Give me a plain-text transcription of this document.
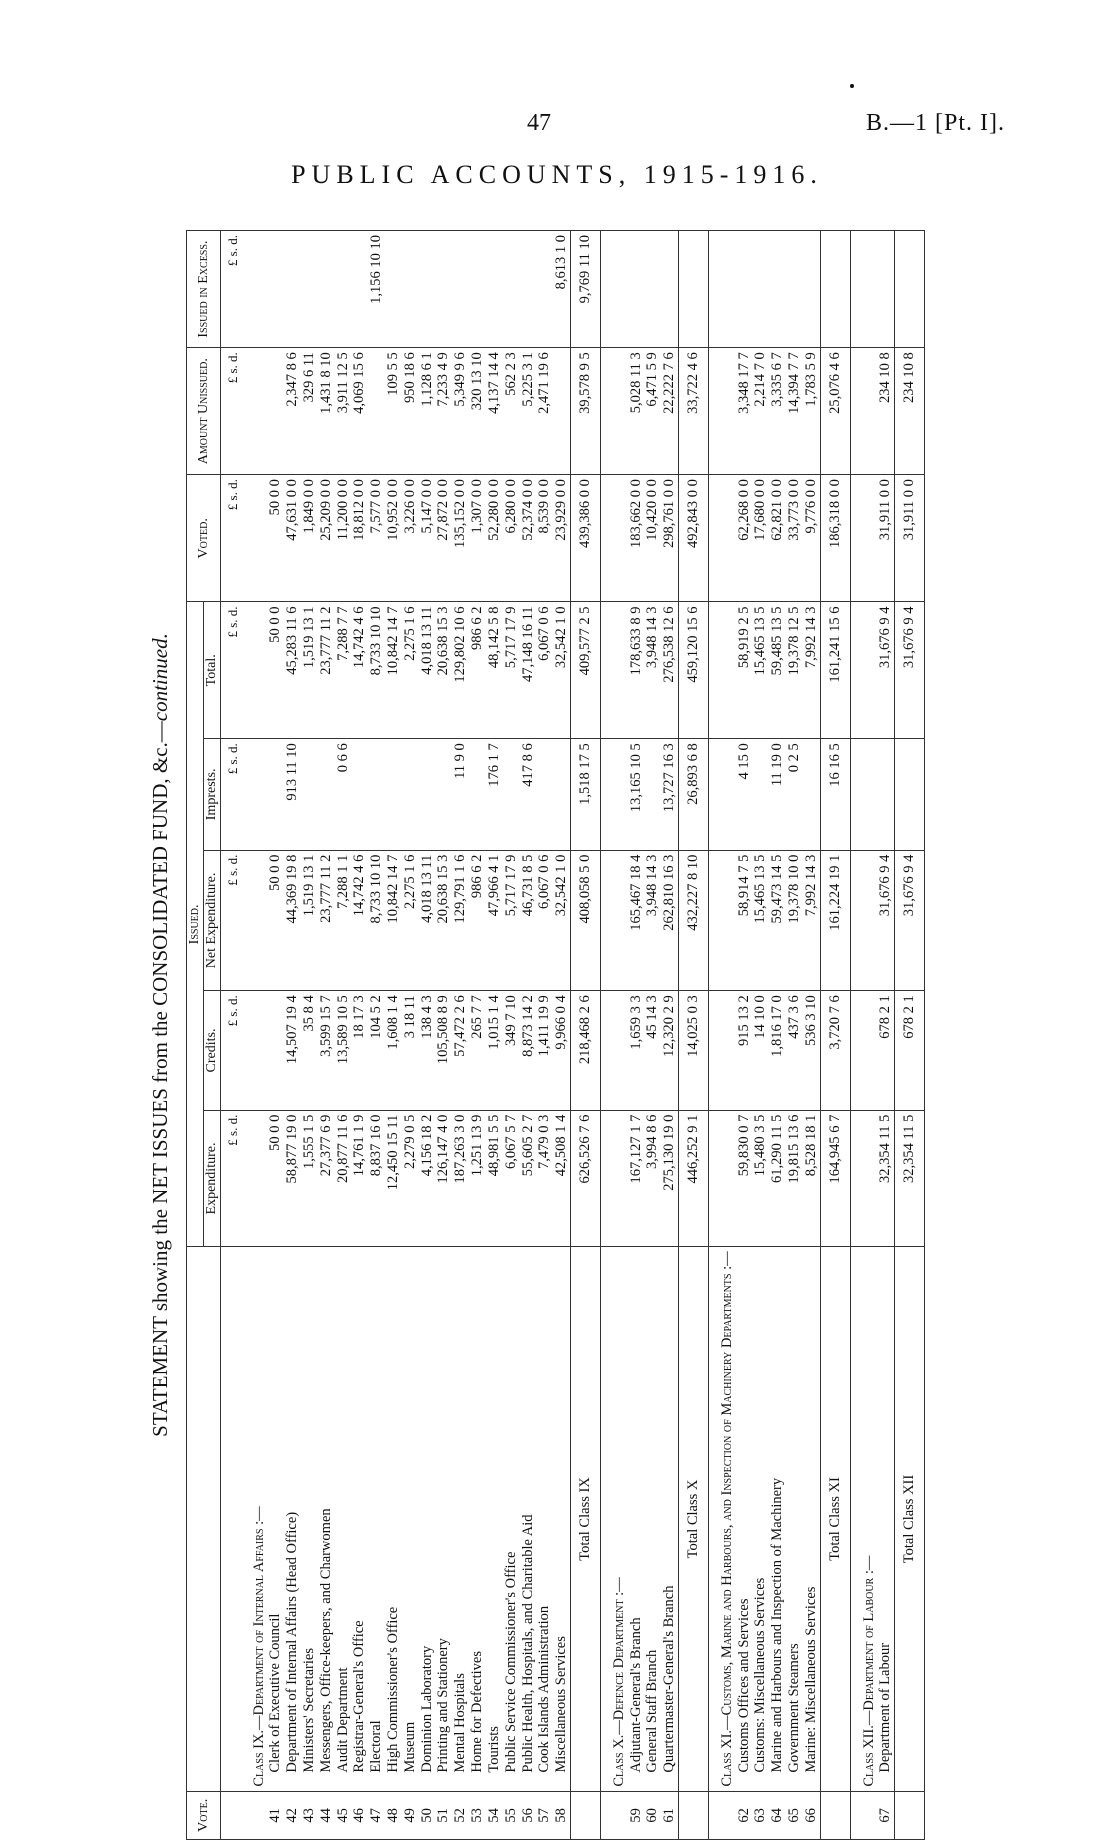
47	B.—1 [Pt. I].
PUBLIC ACCOUNTS, 1915-1916.
STATEMENT showing the NET ISSUES from the CONSOLIDATED FUND, &c.—continued.
Vote.		Issued.					Voted.	Amount Unissued.	Issued in Excess.
		Expenditure.	Credits.	Net Expenditure.	Imprests.	Total.			
		£ s. d.	£ s. d.	£ s. d.	£ s. d.	£ s. d.	£ s. d.	£ s. d.	£ s. d.
	Class IX.—Department of Internal Affairs :—								
41	Clerk of Executive Council	50 0 0		50 0 0		50 0 0	50 0 0		
42	Department of Internal Affairs (Head Office)	58,877 19 0	14,507 19 4	44,369 19 8	913 11 10	45,283 11 6	47,631 0 0	2,347 8 6	
43	Ministers' Secretaries	1,555 1 5	35 8 4	1,519 13 1		1,519 13 1	1,849 0 0	329 6 11	
44	Messengers, Office-keepers, and Charwomen	27,377 6 9	3,599 15 7	23,777 11 2		23,777 11 2	25,209 0 0	1,431 8 10	
45	Audit Department	20,877 11 6	13,589 10 5	7,288 1 1	0 6 6	7,288 7 7	11,200 0 0	3,911 12 5	
46	Registrar-General's Office	14,761 1 9	18 17 3	14,742 4 6		14,742 4 6	18,812 0 0	4,069 15 6	
47	Electoral	8,837 16 0	104 5 2	8,733 10 10		8,733 10 10	7,577 0 0		1,156 10 10
48	High Commissioner's Office	12,450 15 11	1,608 1 4	10,842 14 7		10,842 14 7	10,952 0 0	109 5 5	
49	Museum	2,279 0 5	3 18 11	2,275 1 6		2,275 1 6	3,226 0 0	950 18 6	
50	Dominion Laboratory	4,156 18 2	138 4 3	4,018 13 11		4,018 13 11	5,147 0 0	1,128 6 1	
51	Printing and Stationery	126,147 4 0	105,508 8 9	20,638 15 3		20,638 15 3	27,872 0 0	7,233 4 9	
52	Mental Hospitals	187,263 3 0	57,472 2 6	129,791 1 6	11 9 0	129,802 10 6	135,152 0 0	5,349 9 6	
53	Home for Defectives	1,251 13 9	265 7 7	986 6 2		986 6 2	1,307 0 0	320 13 10	
54	Tourists	48,981 5 5	1,015 1 4	47,966 4 1	176 1 7	48,142 5 8	52,280 0 0	4,137 14 4	
55	Public Service Commissioner's Office	6,067 5 7	349 7 10	5,717 17 9		5,717 17 9	6,280 0 0	562 2 3	
56	Public Health, Hospitals, and Charitable Aid	55,605 2 7	8,873 14 2	46,731 8 5	417 8 6	47,148 16 11	52,374 0 0	5,225 3 1	
57	Cook Islands Administration	7,479 0 3	1,411 19 9	6,067 0 6		6,067 0 6	8,539 0 0	2,471 19 6	
58	Miscellaneous Services	42,508 1 4	9,966 0 4	32,542 1 0		32,542 1 0	23,929 0 0		8,613 1 0
	Total Class IX	626,526 7 6	218,468 2 6	408,058 5 0	1,518 17 5	409,577 2 5	439,386 0 0	39,578 9 5	9,769 11 10
	Class X.—Defence Department :—								
59	Adjutant-General's Branch	167,127 1 7	1,659 3 3	165,467 18 4	13,165 10 5	178,633 8 9	183,662 0 0	5,028 11 3	
60	General Staff Branch	3,994 8 6	45 14 3	3,948 14 3		3,948 14 3	10,420 0 0	6,471 5 9	
61	Quartermaster-General's Branch	275,130 19 0	12,320 2 9	262,810 16 3	13,727 16 3	276,538 12 6	298,761 0 0	22,222 7 6	
	Total Class X	446,252 9 1	14,025 0 3	432,227 8 10	26,893 6 8	459,120 15 6	492,843 0 0	33,722 4 6	
	Class XI.—Customs, Marine and Harbours, and Inspection of Machinery Departments :—								
62	Customs Offices and Services	59,830 0 7	915 13 2	58,914 7 5	4 15 0	58,919 2 5	62,268 0 0	3,348 17 7	
63	Customs: Miscellaneous Services	15,480 3 5	14 10 0	15,465 13 5		15,465 13 5	17,680 0 0	2,214 7 0	
64	Marine and Harbours and Inspection of Machinery	61,290 11 5	1,816 17 0	59,473 14 5	11 19 0	59,485 13 5	62,821 0 0	3,335 6 7	
65	Government Steamers	19,815 13 6	437 3 6	19,378 10 0	0 2 5	19,378 12 5	33,773 0 0	14,394 7 7	
66	Marine: Miscellaneous Services	8,528 18 1	536 3 10	7,992 14 3		7,992 14 3	9,776 0 0	1,783 5 9	
	Total Class XI	164,945 6 7	3,720 7 6	161,224 19 1	16 16 5	161,241 15 6	186,318 0 0	25,076 4 6	
	Class XII.—Department of Labour :—								
67	Department of Labour	32,354 11 5	678 2 1	31,676 9 4		31,676 9 4	31,911 0 0	234 10 8	
	Total Class XII	32,354 11 5	678 2 1	31,676 9 4		31,676 9 4	31,911 0 0	234 10 8	
